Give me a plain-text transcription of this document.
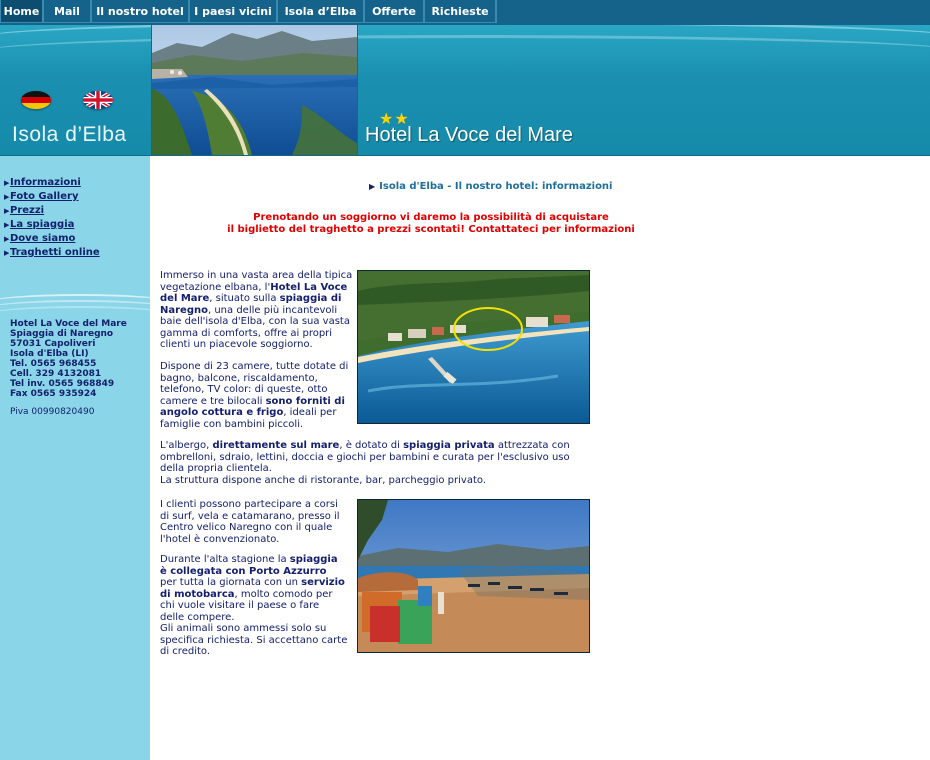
Home	Mail	Il nostro hotel I paesi vicini	Isola d’Elba	Offerte	Richieste
Isola d’Elba
★★
Hotel La Voce del Mare
▶Informazioni
▶Foto Gallery
▶Prezzi
▶La spiaggia
▶Dove siamo
▶Traghetti online
Hotel La Voce del Mare
Spiaggia di Naregno
57031 Capoliveri
Isola d'Elba (LI)
Tel. 0565 968455
Cell. 329 4132081
Tel inv. 0565 968849
Fax 0565 935924
Piva 00990820490
▶ Isola d'Elba - Il nostro hotel: informazioni
Prenotando un soggiorno vi daremo la possibilità di acquistare
il biglietto del traghetto a prezzi scontati! Contattateci per informazioni

Immerso in una vasta area della tipica vegetazione elbana, l'Hotel La Voce del Mare, situato sulla spiaggia di Naregno, una delle più incantevoli baie dell'isola d'Elba, con la sua vasta gamma di comforts, offre ai propri clienti un piacevole soggiorno.

Dispone di 23 camere, tutte dotate di bagno, balcone, riscaldamento, telefono, TV color: di queste, otto camere e tre bilocali sono forniti di angolo cottura e frigo, ideali per famiglie con bambini piccoli.

L'albergo, direttamente sul mare, è dotato di spiaggia privata attrezzata con ombrelloni, sdraio, lettini, doccia e giochi per bambini e curata per l'esclusivo uso della propria clientela.

La struttura dispone anche di ristorante, bar, parcheggio privato.

I clienti possono partecipare a corsi di surf, vela e catamarano, presso il Centro velico Naregno con il quale l'hotel è convenzionato.

Durante l'alta stagione la spiaggia è collegata con Porto Azzurro per tutta la giornata con un servizio di motobarca, molto comodo per chi vuole visitare il paese o fare delle compere.

Gli animali sono ammessi solo su specifica richiesta. Si accettano carte di credito.
